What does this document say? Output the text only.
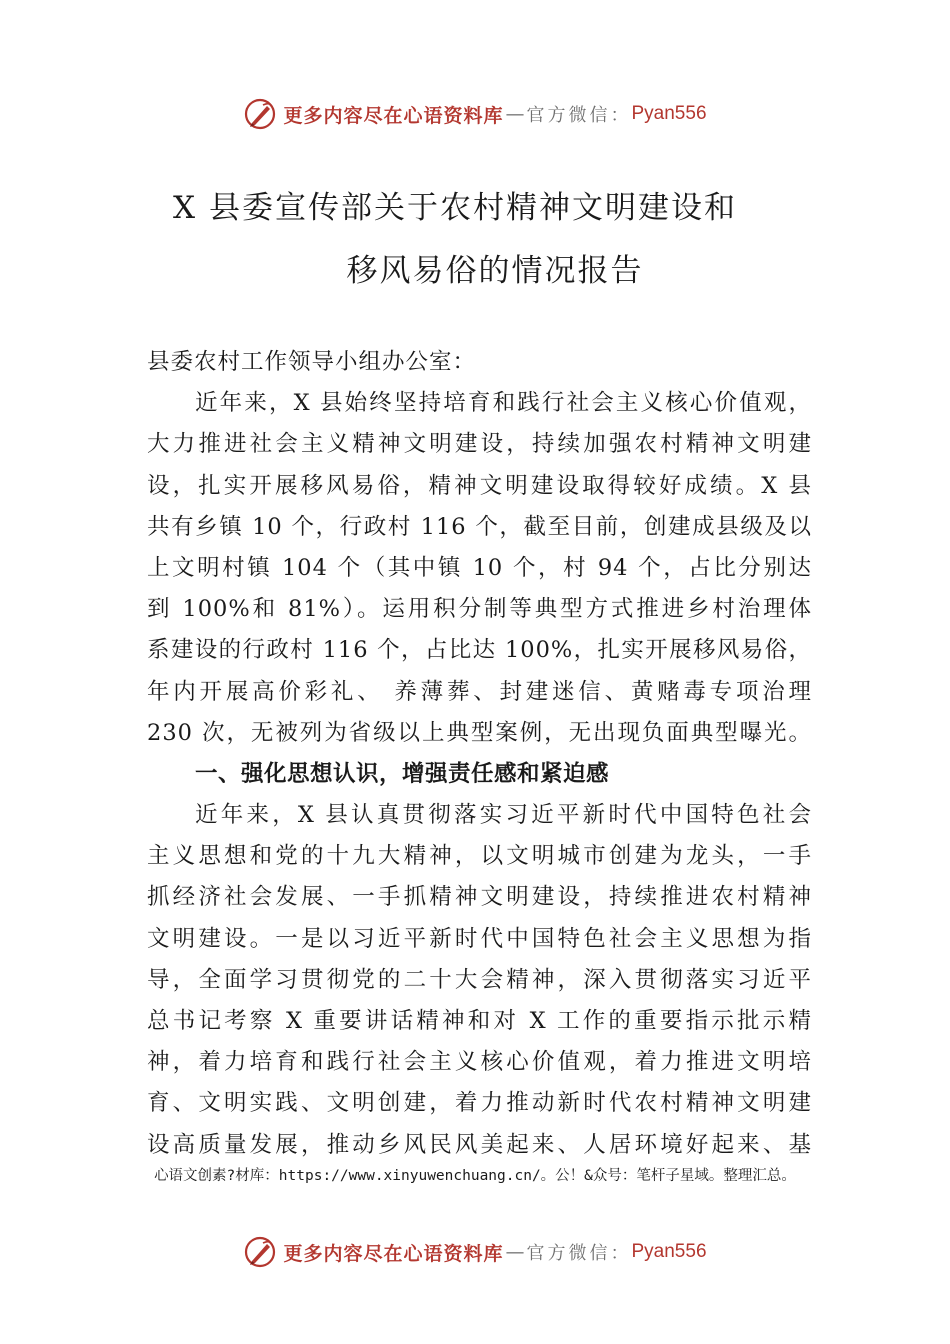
更多内容尽在心语资料库 — 官方微信： Pyan556
X 县委宣传部关于农村精神文明建设和
移风易俗的情况报告
县委农村工作领导小组办公室：
近年来，X 县始终坚持培育和践行社会主义核心价值观，
大力推进社会主义精神文明建设，持续加强农村精神文明建
设，扎实开展移风易俗，精神文明建设取得较好成绩。X 县
共有乡镇 10 个，行政村 116 个，截至目前，创建成县级及以
上文明村镇 104 个（其中镇 10 个，村 94 个，占比分别达
到 100%和 81%）。运用积分制等典型方式推进乡村治理体
系建设的行政村 116 个，占比达 100%，扎实开展移风易俗，
年内开展高价彩礼、 养薄葬、封建迷信、黄赌毒专项治理
230 次，无被列为省级以上典型案例，无出现负面典型曝光。
一、强化思想认识，增强责任感和紧迫感
近年来，X 县认真贯彻落实习近平新时代中国特色社会
主义思想和党的十九大精神，以文明城市创建为龙头，一手
抓经济社会发展、一手抓精神文明建设，持续推进农村精神
文明建设。一是以习近平新时代中国特色社会主义思想为指
导，全面学习贯彻党的二十大会精神，深入贯彻落实习近平
总书记考察 X 重要讲话精神和对 X 工作的重要指示批示精
神，着力培育和践行社会主义核心价值观，着力推进文明培
育、文明实践、文明创建，着力推动新时代农村精神文明建
设高质量发展，推动乡风民风美起来、人居环境好起来、基
心语文创素?材库：https://www.xinyuwenchuang.cn/。公！&众号：笔杆子星域。整理汇总。
更多内容尽在心语资料库 — 官方微信： Pyan556
